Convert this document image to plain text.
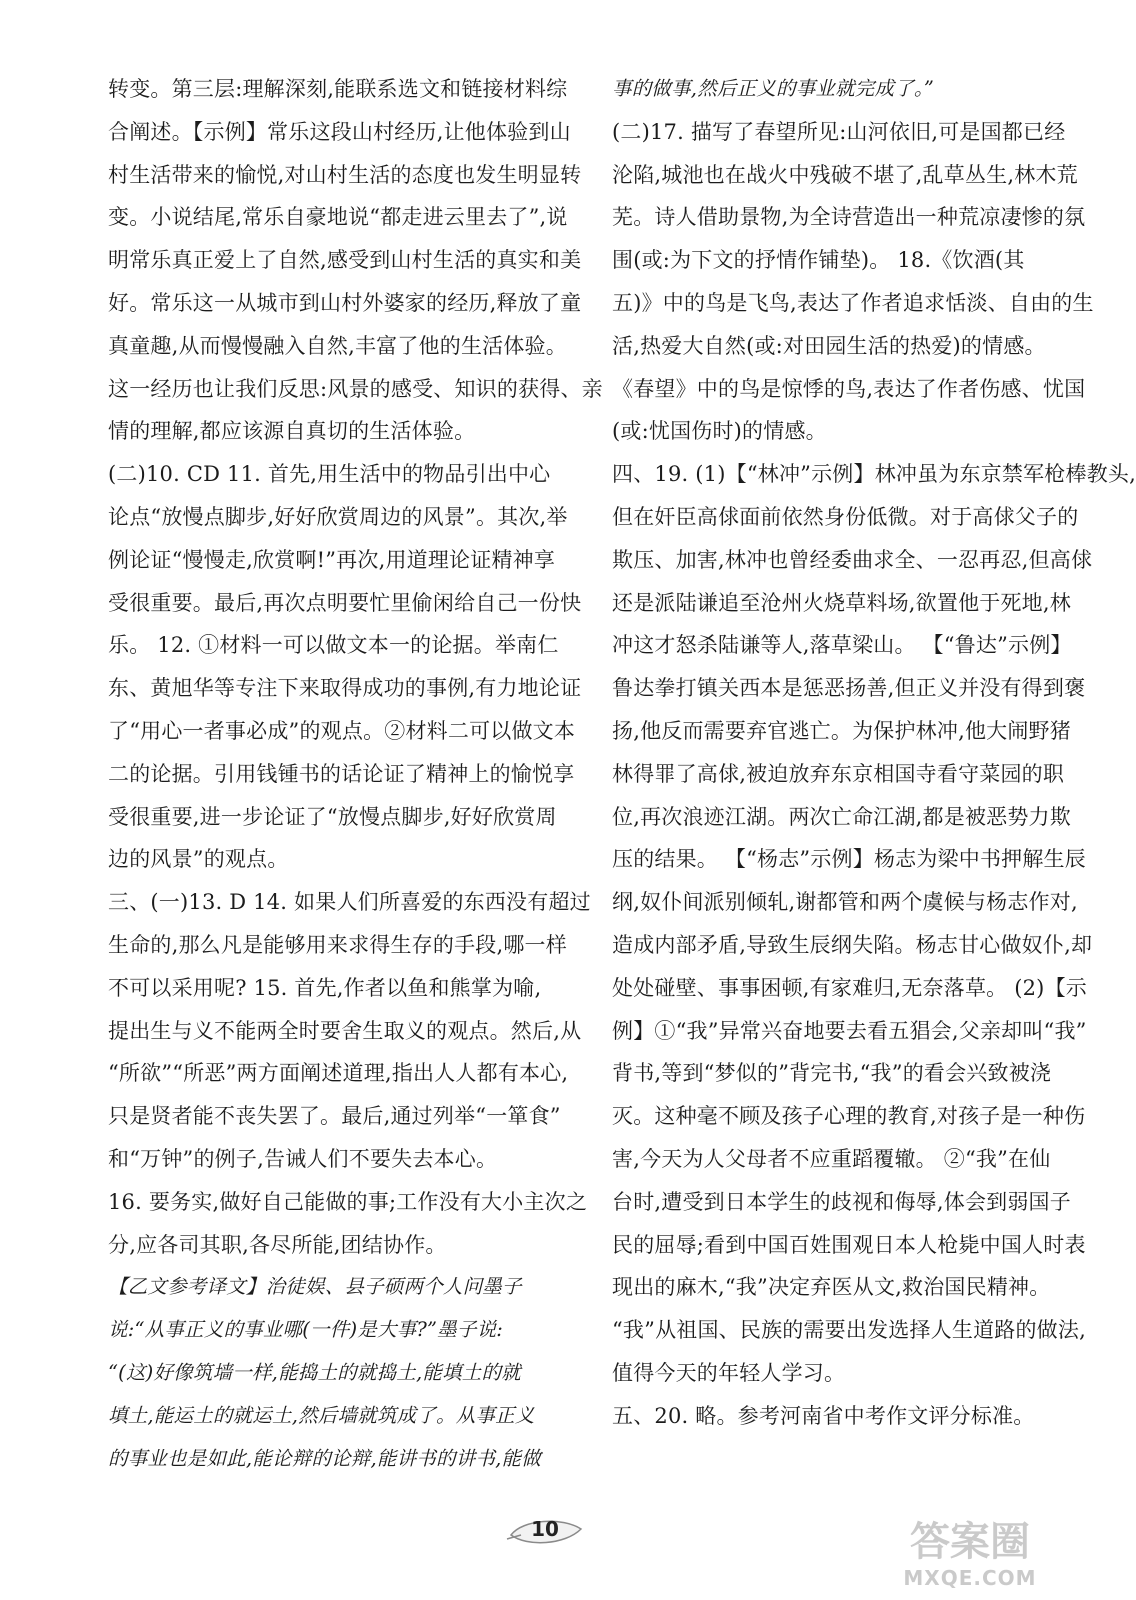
转变。第三层:理解深刻,能联系选文和链接材料综
合阐述。【示例】常乐这段山村经历,让他体验到山
村生活带来的愉悦,对山村生活的态度也发生明显转
变。小说结尾,常乐自豪地说“都走进云里去了”,说
明常乐真正爱上了自然,感受到山村生活的真实和美
好。常乐这一从城市到山村外婆家的经历,释放了童
真童趣,从而慢慢融入自然,丰富了他的生活体验。
这一经历也让我们反思:风景的感受、知识的获得、亲
情的理解,都应该源自真切的生活体验。
(二)10. CD 11. 首先,用生活中的物品引出中心
论点“放慢点脚步,好好欣赏周边的风景”。其次,举
例论证“慢慢走,欣赏啊!”再次,用道理论证精神享
受很重要。最后,再次点明要忙里偷闲给自己一份快
乐。 12. ①材料一可以做文本一的论据。举南仁
东、黄旭华等专注下来取得成功的事例,有力地论证
了“用心一者事必成”的观点。②材料二可以做文本
二的论据。引用钱锺书的话论证了精神上的愉悦享
受很重要,进一步论证了“放慢点脚步,好好欣赏周
边的风景”的观点。
三、(一)13. D 14. 如果人们所喜爱的东西没有超过
生命的,那么凡是能够用来求得生存的手段,哪一样
不可以采用呢? 15. 首先,作者以鱼和熊掌为喻,
提出生与义不能两全时要舍生取义的观点。然后,从
“所欲”“所恶”两方面阐述道理,指出人人都有本心,
只是贤者能不丧失罢了。最后,通过列举“一箪食”
和“万钟”的例子,告诫人们不要失去本心。
16. 要务实,做好自己能做的事;工作没有大小主次之
分,应各司其职,各尽所能,团结协作。
【乙文参考译文】治徒娱、县子硕两个人问墨子
说:“从事正义的事业哪(一件)是大事?”墨子说:
“(这)好像筑墙一样,能捣土的就捣土,能填土的就
填土,能运土的就运土,然后墙就筑成了。从事正义
的事业也是如此,能论辩的论辩,能讲书的讲书,能做
事的做事,然后正义的事业就完成了。”
(二)17. 描写了春望所见:山河依旧,可是国都已经
沦陷,城池也在战火中残破不堪了,乱草丛生,林木荒
芜。诗人借助景物,为全诗营造出一种荒凉凄惨的氛
围(或:为下文的抒情作铺垫)。 18.《饮酒(其
五)》中的鸟是飞鸟,表达了作者追求恬淡、自由的生
活,热爱大自然(或:对田园生活的热爱)的情感。
《春望》中的鸟是惊悸的鸟,表达了作者伤感、忧国
(或:忧国伤时)的情感。
四、19. (1)【“林冲”示例】林冲虽为东京禁军枪棒教头,
但在奸臣高俅面前依然身份低微。对于高俅父子的
欺压、加害,林冲也曾经委曲求全、一忍再忍,但高俅
还是派陆谦追至沧州火烧草料场,欲置他于死地,林
冲这才怒杀陆谦等人,落草梁山。 【“鲁达”示例】
鲁达拳打镇关西本是惩恶扬善,但正义并没有得到褒
扬,他反而需要弃官逃亡。为保护林冲,他大闹野猪
林得罪了高俅,被迫放弃东京相国寺看守菜园的职
位,再次浪迹江湖。两次亡命江湖,都是被恶势力欺
压的结果。 【“杨志”示例】杨志为梁中书押解生辰
纲,奴仆间派别倾轧,谢都管和两个虞候与杨志作对,
造成内部矛盾,导致生辰纲失陷。杨志甘心做奴仆,却
处处碰壁、事事困顿,有家难归,无奈落草。 (2)【示
例】①“我”异常兴奋地要去看五猖会,父亲却叫“我”
背书,等到“梦似的”背完书,“我”的看会兴致被浇
灭。这种毫不顾及孩子心理的教育,对孩子是一种伤
害,今天为人父母者不应重蹈覆辙。 ②“我”在仙
台时,遭受到日本学生的歧视和侮辱,体会到弱国子
民的屈辱;看到中国百姓围观日本人枪毙中国人时表
现出的麻木,“我”决定弃医从文,救治国民精神。
“我”从祖国、民族的需要出发选择人生道路的做法,
值得今天的年轻人学习。
五、20. 略。参考河南省中考作文评分标准。
10	答案圈
MXQE.COM
